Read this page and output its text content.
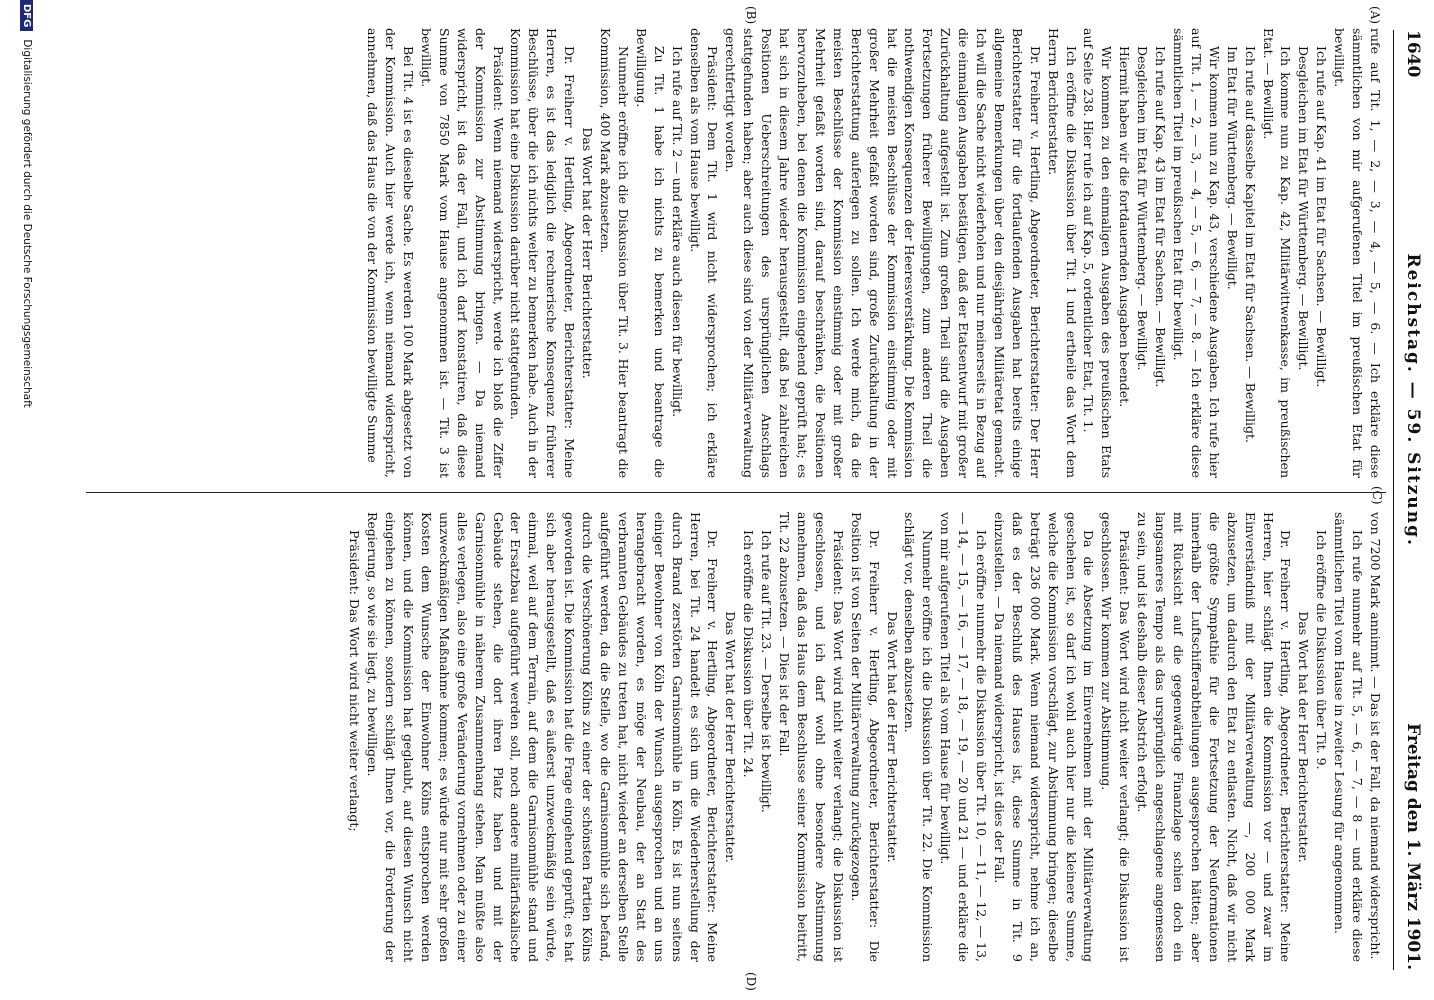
1640
Reichstag. — 59. Sitzung.
Freitag den 1. März 1901.
(A)
(B)
(C)
(D)

rufe auf Tit. 1, — 2, — 3, — 4, — 5, — 6. — Ich erkläre diese sämmtlichen von mir aufgerufenen Titel im preußischen Etat für bewilligt.

Ich rufe auf Kap. 41 im Etat für Sachsen. — Bewilligt.

Desgleichen im Etat für Württemberg. — Bewilligt.

Ich komme nun zu Kap. 42, Militärwittwenkasse, im preußischen Etat. — Bewilligt.

Ich rufe auf dasselbe Kapitel im Etat für Sachsen. — Bewilligt.

Im Etat für Württemberg. — Bewilligt.

Wir kommen nun zu Kap. 43, verschiedene Ausgaben. Ich rufe hier auf Tit. 1, — 2, — 3, — 4, — 5, — 6, — 7, — 8. — Ich erkläre diese sämmtlichen Titel im preußischen Etat für bewilligt.

Ich rufe auf Kap. 43 im Etat für Sachsen. — Bewilligt.

Desgleichen im Etat für Württemberg. — Bewilligt.

Hiermit haben wir die fortdauernden Ausgaben beendet.

Wir kommen zu den einmaligen Ausgaben des preußischen Etats auf Seite 238. Hier rufe ich auf Kap. 5, ordentlicher Etat, Tit. 1.

Ich eröffne die Diskussion über Tit. 1 und ertheile das Wort dem Herrn Berichterstatter.

Dr. Freiherr v. Hertling, Abgeordneter, Berichterstatter: Der Herr Berichterstatter für die fortlaufenden Ausgaben hat bereits einige allgemeine Bemerkungen über den diesjährigen Militäretat gemacht. Ich will die Sache nicht wiederholen und nur meinerseits in Bezug auf die einmaligen Ausgaben bestätigen, daß der Etatsentwurf mit großer Zurückhaltung aufgestellt ist. Zum großen Theil sind die Ausgaben Fortsetzungen früherer Bewilligungen, zum anderen Theil die nothwendigen Konsequenzen der Heeresverstärkung. Die Kommission hat die meisten Beschlüsse der Kommission einstimmig oder mit großer Mehrheit gefaßt worden sind, große Zurückhaltung in der Berichterstattung auferlegen zu sollen. Ich werde mich, da die meisten Beschlüsse der Kommission einstimmig oder mit großer Mehrheit gefaßt worden sind, darauf beschränken, die Positionen hervorzuheben, bei denen die Kommission eingehend geprüft hat; es hat sich in diesem Jahre wieder herausgestellt, daß bei zahlreichen Positionen Ueberschreitungen des ursprünglichen Anschlags stattgefunden haben; aber auch diese sind von der Militärverwaltung gerechtfertigt worden.

Präsident: Dem Tit. 1 wird nicht widersprochen; ich erkläre denselben als vom Hause bewilligt.

Ich rufe auf Tit. 2 — und erkläre auch diesen für bewilligt.

Zu Tit. 1 habe ich nichts zu bemerken und beantrage die Bewilligung.

Nunmehr eröffne ich die Diskussion über Tit. 3. Hier beantragt die Kommission, 400 Mark abzusetzen.

Das Wort hat der Herr Berichterstatter.

Dr. Freiherr v. Hertling, Abgeordneter, Berichterstatter: Meine Herren, es ist das lediglich die rechnerische Konsequenz früherer Beschlüsse, über die ich nichts weiter zu bemerken habe. Auch in der Kommission hat eine Diskussion darüber nicht stattgefunden.

Präsident: Wenn niemand widerspricht, werde ich bloß die Ziffer der Kommission zur Abstimmung bringen. — Da niemand widerspricht, ist das der Fall, und ich darf konstatiren, daß diese Summe von 7850 Mark vom Hause angenommen ist. — Tit. 3 ist bewilligt.

Bei Tit. 4 ist es dieselbe Sache. Es werden 100 Mark abgesetzt von der Kommission. Auch hier werde ich, wenn niemand widerspricht, annehmen, daß das Haus die von der Kommission bewilligte Summe

von 7200 Mark annimmt. — Das ist der Fall, da niemand widerspricht.

Ich rufe nunmehr auf Tit. 5, — 6, — 7, — 8 — und erkläre diese sämmtlichen Titel vom Hause in zweiter Lesung für angenommen.

Ich eröffne die Diskussion über Tit. 9.

Das Wort hat der Herr Berichterstatter.

Dr. Freiherr v. Hertling, Abgeordneter, Berichterstatter: Meine Herren, hier schlägt Ihnen die Kommission vor — und zwar im Einverständniß mit der Militärverwaltung —, 200 000 Mark abzusetzen, um dadurch den Etat zu entlasten. Nicht, daß wir nicht die größte Sympathie für die Fortsetzung der Neuformationen innerhalb der Luftschifferabtheilungen ausgesprochen hätten; aber mit Rücksicht auf die gegenwärtige Finanzlage schien doch ein langsameres Tempo als das ursprünglich angeschlagene angemessen zu sein, und ist deshalb dieser Abstrich erfolgt.

Präsident: Das Wort wird nicht weiter verlangt; die Diskussion ist geschlossen. Wir kommen zur Abstimmung.

Da die Absetzung im Einvernehmen mit der Militärverwaltung geschehen ist, so darf ich wohl auch hier nur die kleinere Summe, welche die Kommission vorschlägt, zur Abstimmung bringen; dieselbe beträgt 236 000 Mark. Wenn niemand widerspricht, nehme ich an, daß es der Beschluß des Hauses ist, diese Summe in Tit. 9 einzustellen. — Da niemand widerspricht, ist dies der Fall.

Ich eröffne nunmehr die Diskussion über Tit. 10, — 11, — 12, — 13, — 14, — 15, — 16, — 17, — 18, — 19, — 20 und 21 — und erkläre die von mir aufgerufenen Titel als vom Hause für bewilligt.

Nunmehr eröffne ich die Diskussion über Tit. 22. Die Kommission schlägt vor, denselben abzusetzen.

Das Wort hat der Herr Berichterstatter.

Dr. Freiherr v. Hertling, Abgeordneter, Berichterstatter: Die Position ist von Seiten der Militärverwaltung zurückgezogen.

Präsident: Das Wort wird nicht weiter verlangt; die Diskussion ist geschlossen, und ich darf wohl ohne besondere Abstimmung annehmen, daß das Haus dem Beschlusse seiner Kommission beitritt, Tit. 22 abzusetzen. — Dies ist der Fall.

Ich rufe auf Tit. 23. — Derselbe ist bewilligt.

Ich eröffne die Diskussion über Tit. 24.

Das Wort hat der Herr Berichterstatter.

Dr. Freiherr v. Hertling, Abgeordneter, Berichterstatter: Meine Herren, bei Tit. 24 handelt es sich um die Wiederherstellung der durch Brand zerstörten Garnisonmühle in Köln. Es ist nun seitens einiger Bewohner von Köln der Wunsch ausgesprochen und an uns herangebracht worden, es möge der Neubau, der an Statt des verbrannten Gebäudes zu treten hat, nicht wieder an derselben Stelle aufgeführt werden, da die Stelle, wo die Garnisonmühle sich befand, durch die Verschönerung Kölns zu einer der schönsten Partien Kölns geworden ist. Die Kommission hat die Frage eingehend geprüft; es hat sich aber herausgestellt, daß es äußerst unzweckmäßig sein würde, einmal, weil auf dem Terrain, auf dem die Garnisonmühle stand und der Ersatzbau aufgeführt werden soll, noch andere militärfiskalische Gebäude stehen, die dort ihren Platz haben und mit der Garnisonmühle in näherem Zusammenhang stehen. Man müßte also alles verlegen, also eine große Veränderung vornehmen oder zu einer unzweckmäßigen Maßnahme kommen; es würde nur mit sehr großen Kosten dem Wunsche der Einwohner Kölns entsprochen werden können, und die Kommission hat geglaubt, auf diesen Wunsch nicht eingehen zu können, sondern schlägt Ihnen vor, die Forderung der Regierung, so wie sie liegt, zu bewilligen.

Präsident: Das Wort wird nicht weiter verlangt;

DFG
Digitalisierung gefördert durch die Deutsche Forschungsgemeinschaft
